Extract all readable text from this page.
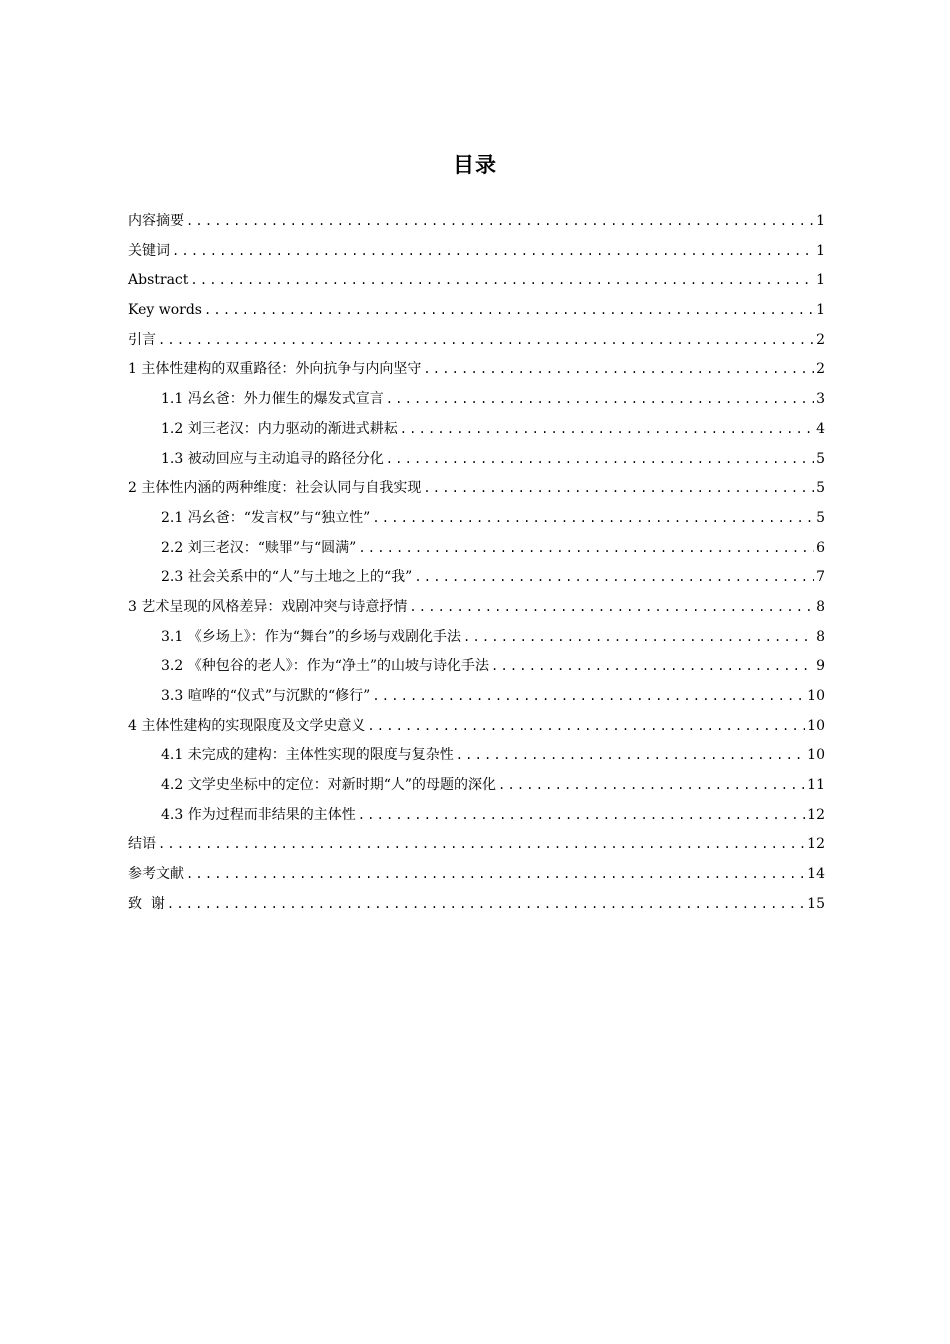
目录
内容摘要 .....	1
关键词 .....	1
Abstract .....	1
Key words .....	1
引言 .....	2
1 主体性建构的双重路径：外向抗争与内向坚守 .....	2
1.1 冯幺爸：外力催生的爆发式宣言 .....	3
1.2 刘三老汉：内力驱动的渐进式耕耘 .....	4
1.3 被动回应与主动追寻的路径分化 .....	5
2 主体性内涵的两种维度：社会认同与自我实现 .....	5
2.1 冯幺爸：“发言权”与“独立性” .....	5
2.2 刘三老汉：“赎罪”与“圆满” .....	6
2.3 社会关系中的“人”与土地之上的“我” .....	7
3 艺术呈现的风格差异：戏剧冲突与诗意抒情 .....	8
3.1 《乡场上》：作为“舞台”的乡场与戏剧化手法 .....	8
3.2 《种包谷的老人》：作为“净土”的山坡与诗化手法 .....	9
3.3 喧哗的“仪式”与沉默的“修行” .....	10
4 主体性建构的实现限度及文学史意义 .....	10
4.1 未完成的建构：主体性实现的限度与复杂性 .....	10
4.2 文学史坐标中的定位：对新时期“人”的母题的深化 .....	11
4.3 作为过程而非结果的主体性 .....	12
结语 .....	12
参考文献 .....	14
致  谢 .....	15
